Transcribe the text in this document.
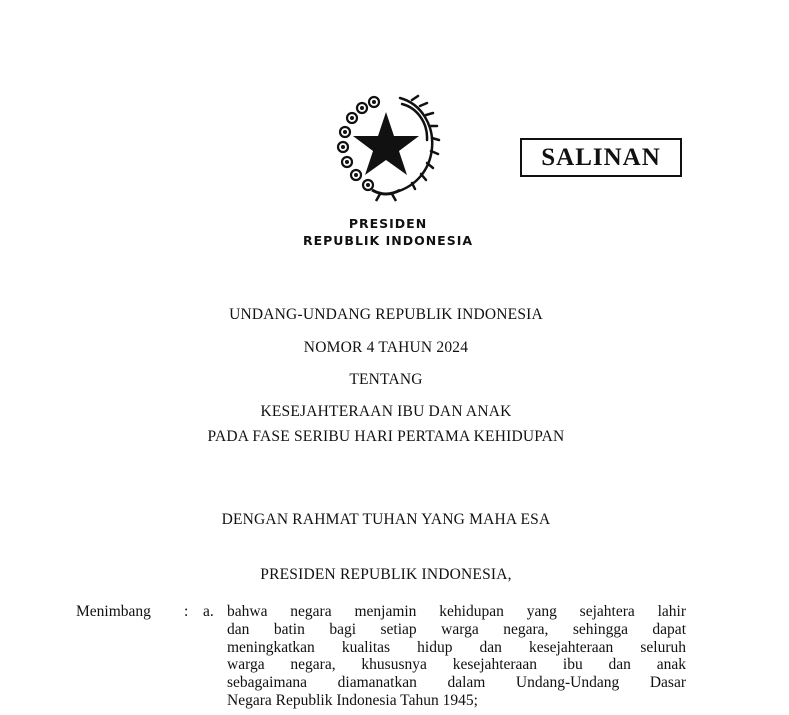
SALINAN
PRESIDEN
REPUBLIK INDONESIA
UNDANG-UNDANG REPUBLIK INDONESIA
NOMOR 4 TAHUN 2024
TENTANG
KESEJAHTERAAN IBU DAN ANAK
PADA FASE SERIBU HARI PERTAMA KEHIDUPAN
DENGAN RAHMAT TUHAN YANG MAHA ESA
PRESIDEN REPUBLIK INDONESIA,
Menimbang : a. bahwa negara menjamin kehidupan yang sejahtera lahir
dan batin bagi setiap warga negara, sehingga dapat
meningkatkan kualitas hidup dan kesejahteraan seluruh
warga negara, khususnya kesejahteraan ibu dan anak
sebagaimana diamanatkan dalam Undang-Undang Dasar
Negara Republik Indonesia Tahun 1945;
